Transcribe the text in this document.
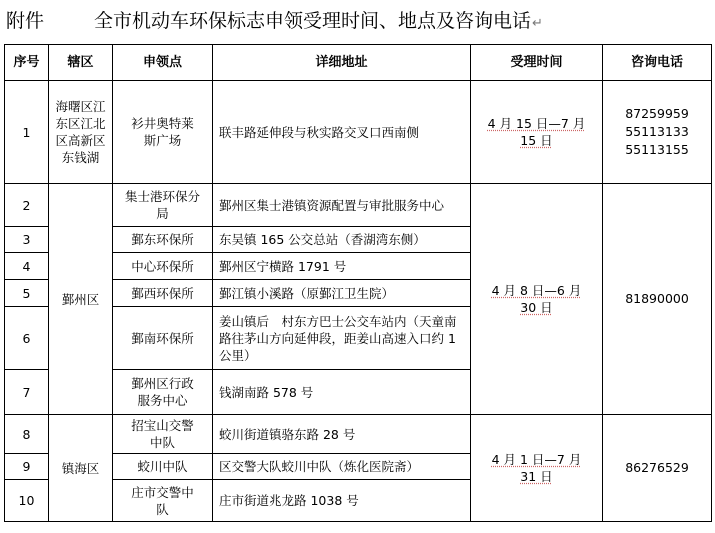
附件	全市机动车环保标志申领受理时间、地点及咨询电话↵
序号	辖区	申领点	详细地址	受理时间	咨询电话
1	海曙区江东区江北区高新区东钱湖	衫井奥特莱斯广场	联丰路延伸段与秋实路交叉口西南侧	4 月 15 日—7 月 15 日	87259959
55113133
55113155

2	鄞州区	集士港环保分局	鄞州区集士港镇资源配置与审批服务中心	4 月 8 日—6 月 30 日	81890000

3		鄞东环保所	东吴镇 165 公交总站（香湖湾东侧）		
4		中心环保所	鄞州区宁横路 1791 号		
5		鄞西环保所	鄞江镇小溪路（原鄞江卫生院）		
6		鄞南环保所	姜山镇后　村东方巴士公交车站内（天童南路往茅山方向延伸段，距姜山高速入口约 1 公里）		
7		鄞州区行政服务中心	钱湖南路 578 号		
8	镇海区	招宝山交警中队	蛟川街道镇骆东路 28 号	4 月 1 日—7 月 31 日	86276529

9		蛟川中队	区交警大队蛟川中队（炼化医院斋）		
10		庄市交警中队	庄市街道兆龙路 1038 号		
